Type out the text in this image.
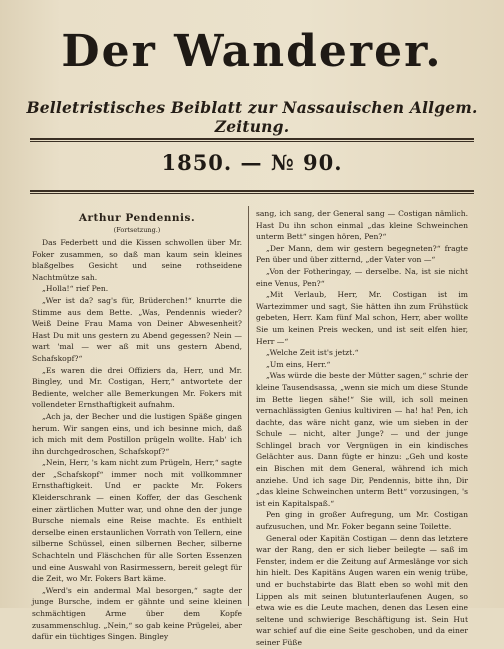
Der Wanderer.
Belletristisches Beiblatt zur Nassauischen Allgem. Zeitung.
1850. — № 90.
Arthur Pendennis.
(Fortsetzung.)

Das Federbett und die Kissen schwollen über Mr. Foker zusammen, so daß man kaum sein kleines blaßgelbes Gesicht und seine rothseidene Nachtmütze sah.

„Holla!“ rief Pen.

„Wer ist da? sag's für, Brüderchen!“ knurrte die Stimme aus dem Bette. „Was, Pendennis wieder? Weiß Deine Frau Mama von Deiner Abwesenheit? Hast Du mit uns gestern zu Abend gegessen? Nein — wart 'mal — wer aß mit uns gestern Abend, Schafskopf?“

„Es waren die drei Offiziers da, Herr, und Mr. Bingley, und Mr. Costigan, Herr,“ antwortete der Bediente, welcher alle Bemerkungen Mr. Fokers mit vollendeter Ernsthaftigkeit aufnahm.

„Ach ja, der Becher und die lustigen Späße gingen herum. Wir sangen eins, und ich besinne mich, daß ich mich mit dem Postillon prügeln wollte. Hab' ich ihn durchgedroschen, Schafskopf?“

„Nein, Herr, 's kam nicht zum Prügeln, Herr,“ sagte der „Schafskopf“ immer noch mit vollkommner Ernsthaftigkeit. Und er packte Mr. Fokers Kleiderschrank — einen Koffer, der das Geschenk einer zärtlichen Mutter war, und ohne den der junge Bursche niemals eine Reise machte. Es enthielt derselbe einen erstaunlichen Vorrath von Tellern, eine silberne Schüssel, einen silbernen Becher, silberne Schachteln und Fläschchen für alle Sorten Essenzen und eine Auswahl von Rasirmessern, bereit gelegt für die Zeit, wo Mr. Fokers Bart käme.

„Werd's ein andermal Mal besorgen,“ sagte der junge Bursche, indem er gähnte und seine kleinen schmächtigen Arme über dem Kopfe zusammenschlug. „Nein,“ so gab keine Prügelei, aber dafür ein tüchtiges Singen. Bingley

sang, ich sang, der General sang — Costigan nämlich. Hast Du ihn schon einmal „das kleine Schweinchen unterm Bett“ singen hören, Pen?“

„Der Mann, dem wir gestern begegneten?“ fragte Pen über und über zitternd, „der Vater von —“

„Von der Fotheringay, — derselbe. Na, ist sie nicht eine Venus, Pen?“

„Mit Verlaub, Herr, Mr. Costigan ist im Wartezimmer und sagt, Sie hätten ihn zum Frühstück gebeten, Herr. Kam fünf Mal schon, Herr, aber wollte Sie um keinen Preis wecken, und ist seit elfen hier, Herr —“

„Welche Zeit ist's jetzt.“

„Um eins, Herr.“

„Was würde die beste der Mütter sagen,“ schrie der kleine Tausendsassa, „wenn sie mich um diese Stunde im Bette liegen sähe!“ Sie will, ich soll meinen vernachlässigten Genius kultiviren — ha! ha! Pen, ich dachte, das wäre nicht ganz, wie um sieben in der Schule — nicht, alter Junge? — und der junge Schlingel brach vor Vergnügen in ein kindisches Gelächter aus. Dann fügte er hinzu: „Geh und koste ein Bischen mit dem General, während ich mich anziehe. Und ich sage Dir, Pendennis, bitte ihn, Dir „das kleine Schweinchen unterm Bett“ vorzusingen, 's ist ein Kapitalspaß.“

Pen ging in großer Aufregung, um Mr. Costigan aufzusuchen, und Mr. Foker begann seine Toilette.

General oder Kapitän Costigan — denn das letztere war der Rang, den er sich lieber beilegte — saß im Fenster, indem er die Zeitung auf Armeslänge vor sich hin hielt. Des Kapitäns Augen waren ein wenig trübe, und er buchstabirte das Blatt eben so wohl mit den Lippen als mit seinen blutunterlaufenen Augen, so etwa wie es die Leute machen, denen das Lesen eine seltene und schwierige Beschäftigung ist. Sein Hut war schief auf die eine Seite geschoben, und da einer seiner Füße
